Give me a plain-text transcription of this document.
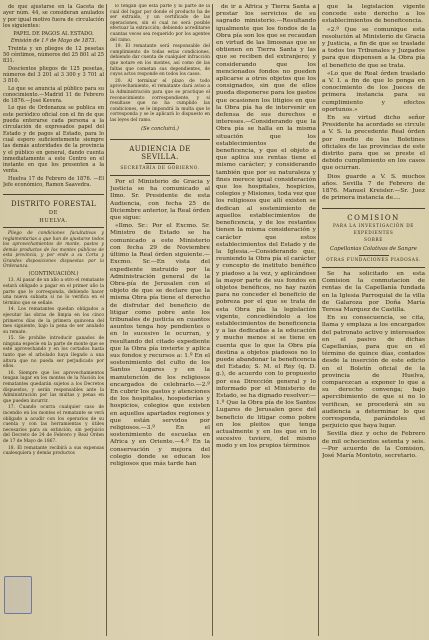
de que ajustarse en la Gaceta de ayer núm. 44, se consideran anulados y por igual motivo fuera de circulación los siguientes:

PAPEL DE PAGOS AL ESTADO.

Emisión de 1.º de Mayo de 1873.

Treinta y un pliegos de 12 pesetas 50 céntimos, números del 25 801 al 25 831.

Doscientos pliegos de 125 pesetas, números del 3 201 al 3 300 y 3 701 al 3 810.

Lo que se anuncia al público para su conocimiento.—Madrid 11 de Febrero de 1876.—José Kevera.

Lo que de Ordenanza se publica en este periódico oficial con el fin de que pueda enterarse cada persona a la circulación de expresados papel del Estado y de pagos al Estado, para lo cual espero suficientemente siempre las demás autoridades de la provincia y el público en general, dando cuenta inmediatamente a este Centro en el instante en que los presenten a la venta.

Huelva 17 de Febrero de 1876. —El Jefe económico, Ramon Saavedra.

DISTRITO FORESTAL
DE
HUELVA.

Pliego de condiciones facultativas y reglamentarias a que han de ajustarse todos los aprovechamientos de monte, pastos y demás productos de los montes públicos de esta provincia, y por ende a su Corta y Grandes disposiciones dispuestas por la Ordenanza.

(CONTINUACIÓN.)

13. Al pasar de un año a otro el rematante estará obligado a pagar en el primer año la parte que le corresponda, debiendo hacer una nueva subasta si no lo verifica en el término que se señale.

14. Los rematantes quedan obligados a ejecutar las obras de limpia en los cinco primeros días de la primera quincena del mes siguiente, bajo la pena de ser anulado su remate.

15. Se prohibe introducir ganados de ninguna especie en la parte de monte que se esté aprovechando y en los cortados hasta tanto que el arbolado haya llegado a una altura que no pueda ser perjudicado por ellos.

16. Siempre que los aprovechamientos tengan lugar en los montes de la Nación los rematantes quedarán sujetos a los Decretos dispuestos, y serán responsables ante la Administración por las multas y penas en que pueden incurrir.

17. Cuando ocurra cualquier caso de incendio en los montes el rematante se verá obligado a acudir con los operarios de su cuenta y con las herramientas y útiles necesarios para su extinción, sin perjuicio del Decreto de 24 de Febrero y Real Orden de 17 de Mayo de 1867.

18. El rematante recibirá a sus expensas cualesquiera y demás productos

lo tengan que esta parte y ni parte de la cual del lugar por donde el producto ha de ser extraído, y un certificado de las operaciones, sin el cual no será posible efectuar la extracción; debiendo acreditarse cuantas veces sea requerido por los agentes del ramo.

19. El rematante será responsable del cumplimiento de todas estas condiciones, debiendo dar cuenta de cualquier infracción que notare en los montes, así como de las faltas que cometan sus dependientes, de cuyos actos responde en todos los casos.

20. Al terminar el plazo de todo aprovechamiento, el rematante dará aviso a la Administración para que se practique el reconocimiento correspondiente, y si resultase que no ha cumplido las condiciones, se le impondrá la multa que le corresponda y se le aplicará lo dispuesto en las leyes del ramo.

(Se concluirá.)

AUDIENCIA DE SEVILLA.
SECRETARÍA DE GOBIERNO.

Por el Ministerio de Gracia y Justicia se ha comunicado al Ilmo. Sr. Presidente de esta Audiencia, con fecha 25 de Diciembre anterior, la Real órden que sigue:

«Ilmo. Sr.: Por el Excmo. Sr. Ministro de Estado se ha comunicado a este Ministerio con fecha 29 de Noviembre último la Real órden siguiente.—Excmo. Sr.—En vista del expediente instruido por la Administración general de la Obra-pía de Jerusalen con el objeto de que se declare que la misma Obra pía tiene el derecho de disfrutar del beneficio de litigar como pobre ante los tribunales de justicia en cuantos asuntos tenga hoy pendientes o en lo sucesivo le ocurran, y resultando del citado expediente que la Obra pía invierte y aplica sus fondos y recursos a: 1.º En el sostenimiento del culto de los Santos Lugares y en la manutención de los religiosos encargados de celebrarlo.—2.º En cubrir los gastos y atenciones de los hospitales, hospederías y hospicios, colegios que existen en aquellos apartados regiones y que están servidos por religiosos.—3.º En el sostenimiento de escuelas en Africa y en Oriente.—4.º En la conservación y mejora del colegio donde se educan los religiosos que más tarde han

de ir a Africa y Tierra Santa a prestar los servicios de su sagrado ministerio.—Resultando igualmente que los fondos de la Obra pía son los que se recaudan en virtud de las limosnas que se obtienen en Tierra Santa y las que se reciben del extranjero; y considerando que los mencionados fondos no pueden aplicarse a otros objetos que los consignados, sin que de ellos pueda disponerse para los gastos que ocasionen los litigios en que la Obra pía ha de intervenir en defensa de sus derechos e intereses.—Considerando que la Obra pía se halla en la misma situación que los establecimientos de beneficencia, y que el objeto a que aplica sus rentas tiene el mismo carácter; y considerando también que por su naturaleza y fines merece igual consideración que los hospitales, hospicios, colegios y Misiones, toda vez que los religiosos que allí existen se dedican al sostenimiento de aquellos establecimientos de beneficencia, y de los restantes tienen la misma consideración y carácter que estos establecimientos del Estado y de la Iglesia.—Considerando que, reuniendo la Obra pía el carácter y concepto de instituto benéfico y piadoso a la vez, y aplicándose la mayor parte de sus fondos en objetos benéficos, no hay razón para no conceder el beneficio de pobreza por el que se trata de esta Obra pía la legislación vigente, concediéndolo a los establecimientos de beneficencia y a las dedicadas a la educación y mucho menos si se tiene en cuenta que lo que la Obra pía destina a objetos piadosos no lo puede abandonar la beneficencia del Estado; S. M. el Rey (q. D. g.), de acuerdo con lo propuesto por esa Dirección general y lo informado por el Ministerio de Estado, se ha dignado resolver:—1.º Que la Obra pía de los Santos Lugares de Jerusalen goce del beneficio de litigar como pobre en los pleitos que tenga actualmente y en los que en lo sucesivo tuviere, del mismo modo y en los propios términos

que la legislación vigente concede este derecho a los establecimientos de beneficencia.

«2.º Que se comunique esta resolución al Ministerio de Gracia y Justicia, a fin de que se traslade a todos los Tribunales y Juzgados para que dispensen a la Obra pía el beneficio de que se trata.

«Lo que de Real órden traslado a V. I. a fin de que lo ponga en conocimiento de los Jueces de primera instancia para su cumplimiento y efectos oportunos.»

En su virtud dicho señor Presidente ha acordado se circule a V. S. la precedente Real órden por medio de los Boletines oficiales de las provincias de este distrito para que se preste el debido cumplimiento en los casos que ocurran.

Dios guarde a V. S. muchos años. Sevilla 7 de Febrero de 1876. Manuel Kreisler.—Sr. Juez de primera instancia de....

COMISION
PARA LA INVESTIGACIÓN DE EXPEDIENTES
SOBRE
Capellanias Colativas de Sangre
OTRAS FUNDACIONES PIADOSAS.

Se ha solicitado en esta Comision la conmutacion de rentas de la Capellanía fundada en la Iglesia Parroquial de la villa de Galaroza por Doña María Teresa Marquez de Castilla.

En su consecuencia, se cita, llama y emplaza a los encargados del patronato activo y interesados en el pasivo de dichas Capellanías, para que en el término de quince días, contados desde la inserción de este edicto en el Boletín oficial de la provincia de Huelva, comparezcan a exponer lo que a su derecho convenga; bajo apercibimiento de que si no lo verifican, se procederá sin su audiencia a determinar lo que corresponda, parándoles el perjuicio que haya lugar.

Sevilla diez y ocho de Febrero de mil ochocientos setenta y seis.—Por acuerdo de la Comision, José María Montoto, secretario.
